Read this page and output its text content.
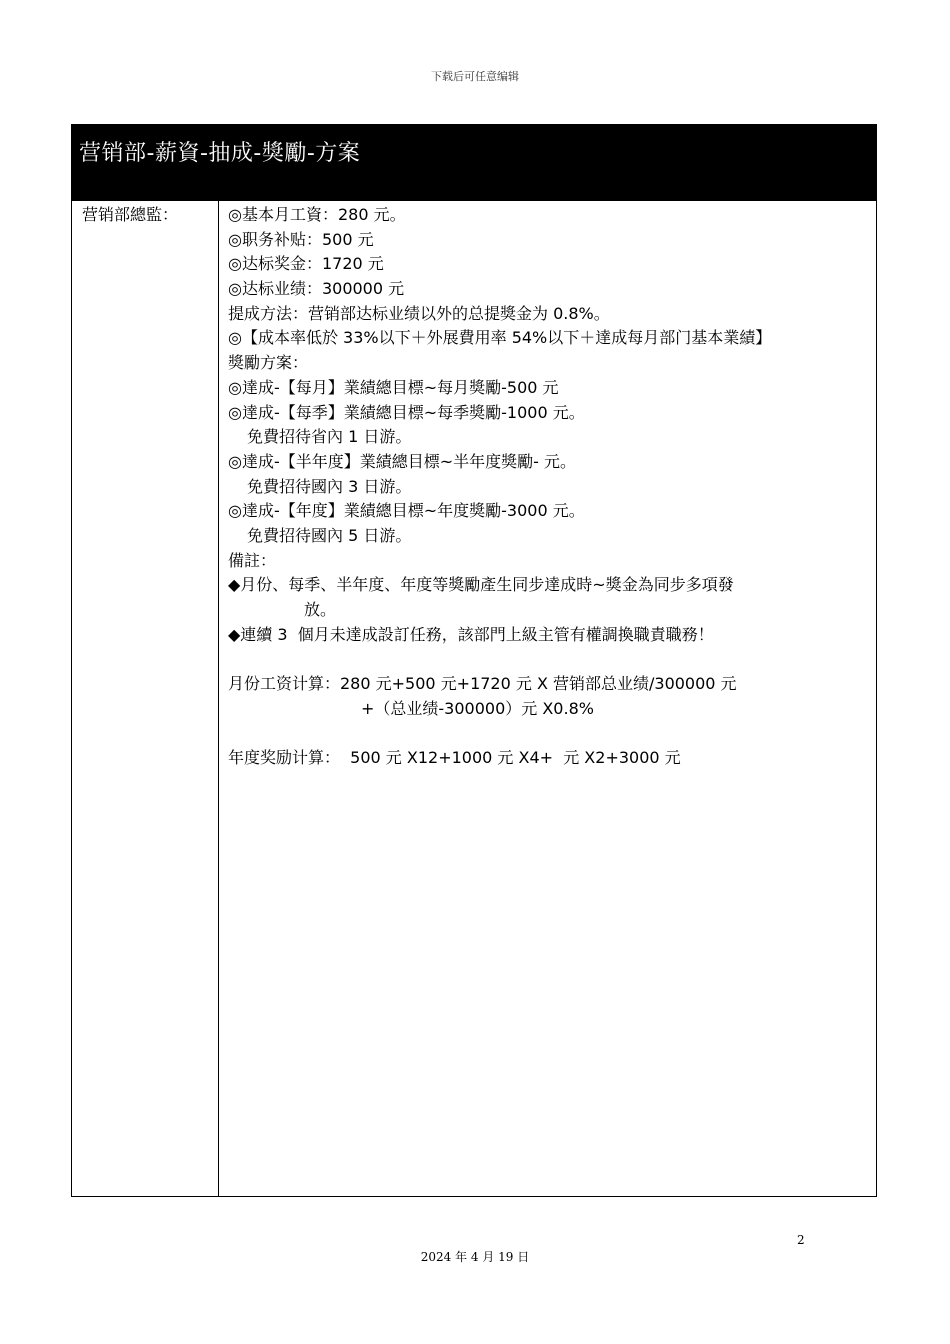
下载后可任意编辑
营销部-薪資-抽成-獎勵-方案
营销部總監：	◎基本月工資：280 元。
◎职务补贴：500 元
◎达标奖金：1720 元
◎达标业绩：300000 元
提成方法：营销部达标业绩以外的总提獎金为 0.8%。
◎【成本率低於 33%以下＋外展費用率 54%以下＋達成每月部门基本業績】
獎勵方案：
◎達成-【每月】業績總目標~每月獎勵-500 元
◎達成-【每季】業績總目標~每季獎勵-1000 元。
免費招待省內 1 日游。
◎達成-【半年度】業績總目標~半年度獎勵- 元。
免費招待國內 3 日游。
◎達成-【年度】業績總目標~年度獎勵-3000 元。
免費招待國內 5 日游。
備註：
◆月份、每季、半年度、年度等獎勵產生同步達成時~獎金為同步多項發
放。
◆連續 3  個月未達成設訂任務，該部門上級主管有權調換職責職務！
月份工资计算：280 元+500 元+1720 元 X 营销部总业绩/300000 元
+（总业绩-300000）元 X0.8%
年度奖励计算：  500 元 X12+1000 元 X4+  元 X2+3000 元
2
2024 年 4 月 19 日
